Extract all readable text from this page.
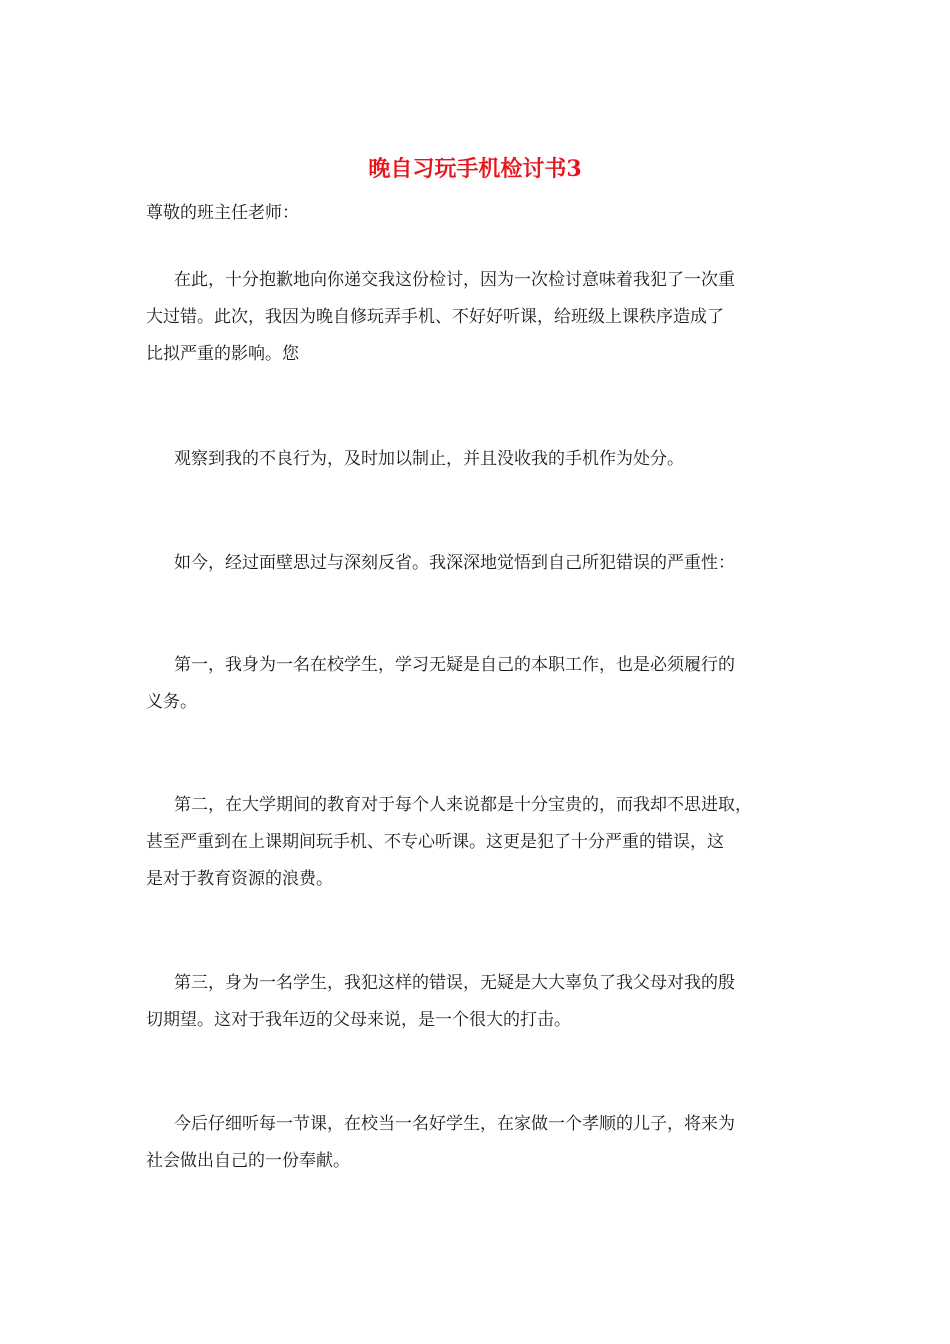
晚自习玩手机检讨书3

尊敬的班主任老师：

在此，十分抱歉地向你递交我这份检讨，因为一次检讨意味着我犯了一次重
大过错。此次，我因为晚自修玩弄手机、不好好听课，给班级上课秩序造成了
比拟严重的影响。您
观察到我的不良行为，及时加以制止，并且没收我的手机作为处分。
如今，经过面壁思过与深刻反省。我深深地觉悟到自己所犯错误的严重性：
第一，我身为一名在校学生，学习无疑是自己的本职工作，也是必须履行的
义务。
第二，在大学期间的教育对于每个人来说都是十分宝贵的，而我却不思进取，
甚至严重到在上课期间玩手机、不专心听课。这更是犯了十分严重的错误，这
是对于教育资源的浪费。
第三，身为一名学生，我犯这样的错误，无疑是大大辜负了我父母对我的殷
切期望。这对于我年迈的父母来说，是一个很大的打击。
今后仔细听每一节课，在校当一名好学生，在家做一个孝顺的儿子，将来为
社会做出自己的一份奉献。
